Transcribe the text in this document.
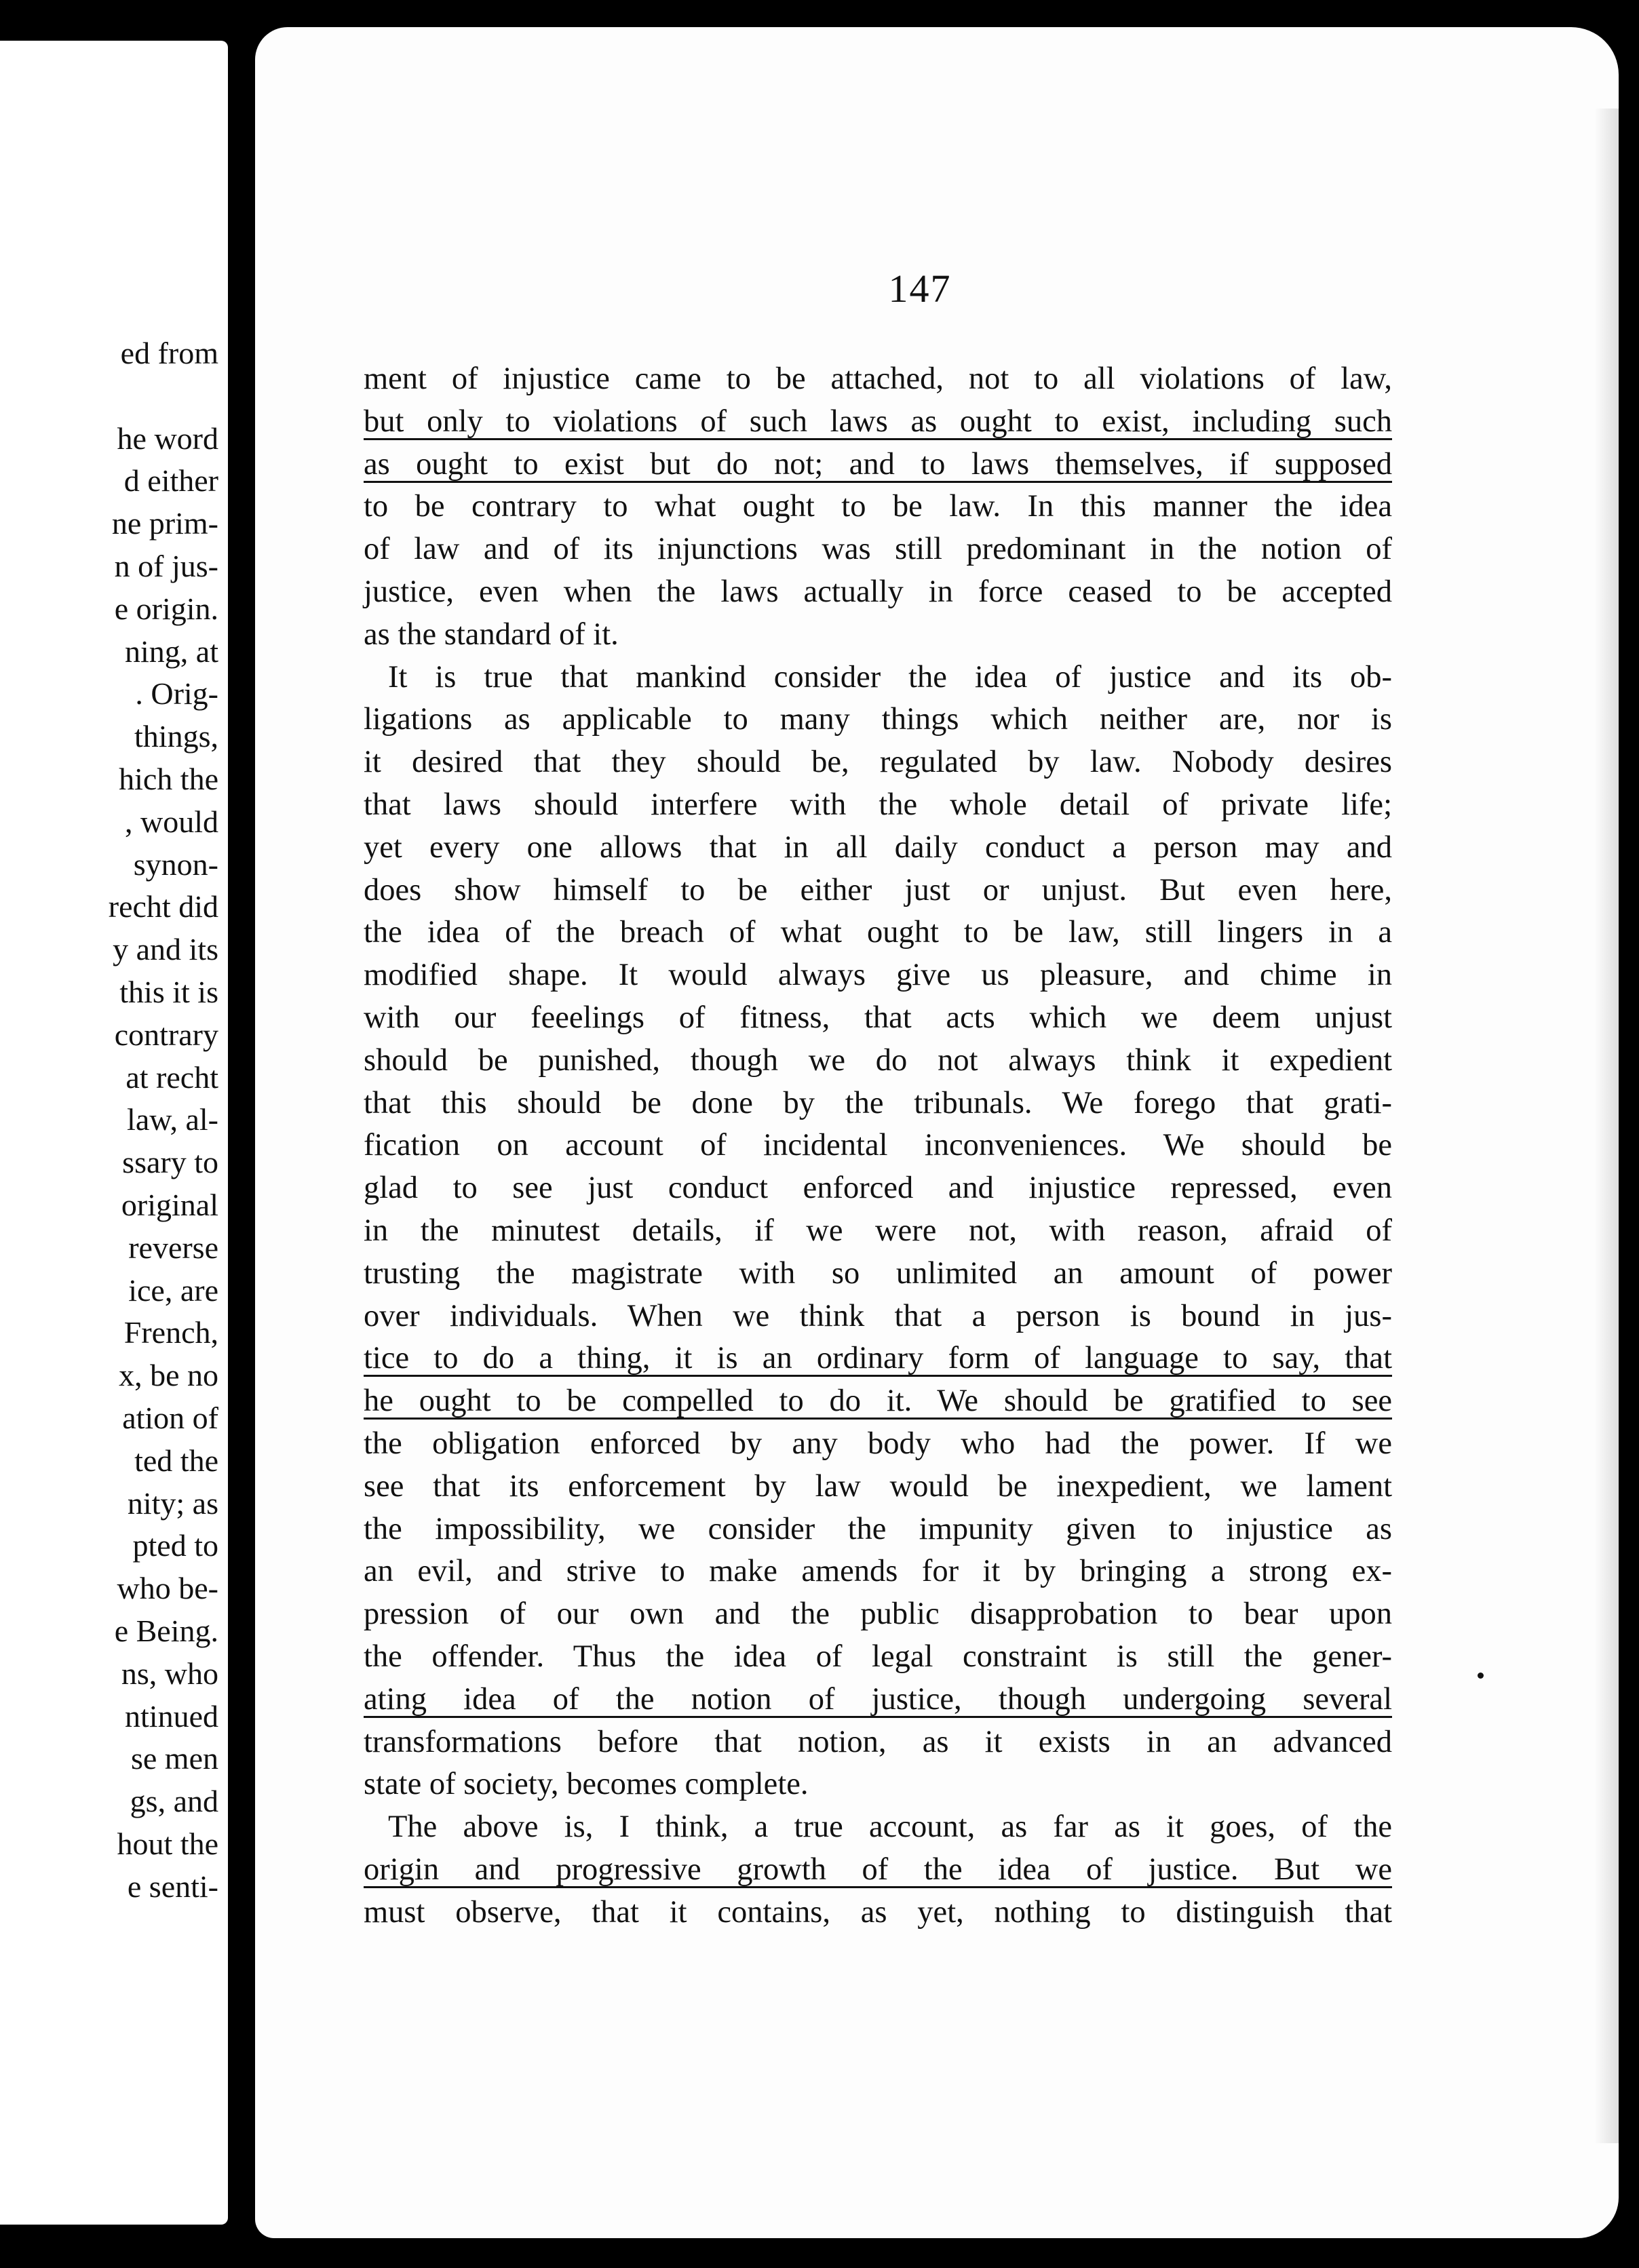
ed from

he word
d either
ne prim-
n of jus-
e origin.
ning, at
. Orig-
things,
hich the
, would
synon-
recht did
y and its
this it is
contrary
at recht
law, al-
ssary to
original
reverse
ice, are
French,
x, be no
ation of
ted the
nity; as
pted to
who be-
e Being.
ns, who
ntinued
se men
gs, and
hout the
e senti-
147
ment of injustice came to be attached, not to all violations of law,
but only to violations of such laws as ought to exist, including such
as ought to exist but do not; and to laws themselves, if supposed
to be contrary to what ought to be law. In this manner the idea
of law and of its injunctions was still predominant in the notion of
justice, even when the laws actually in force ceased to be accepted
as the standard of it.
It is true that mankind consider the idea of justice and its ob-
ligations as applicable to many things which neither are, nor is
it desired that they should be, regulated by law. Nobody desires
that laws should interfere with the whole detail of private life;
yet every one allows that in all daily conduct a person may and
does show himself to be either just or unjust. But even here,
the idea of the breach of what ought to be law, still lingers in a
modified shape. It would always give us pleasure, and chime in
with our feeelings of fitness, that acts which we deem unjust
should be punished, though we do not always think it expedient
that this should be done by the tribunals. We forego that grati-
fication on account of incidental inconveniences. We should be
glad to see just conduct enforced and injustice repressed, even
in the minutest details, if we were not, with reason, afraid of
trusting the magistrate with so unlimited an amount of power
over individuals. When we think that a person is bound in jus-
tice to do a thing, it is an ordinary form of language to say, that
he ought to be compelled to do it. We should be gratified to see
the obligation enforced by any body who had the power. If we
see that its enforcement by law would be inexpedient, we lament
the impossibility, we consider the impunity given to injustice as
an evil, and strive to make amends for it by bringing a strong ex-
pression of our own and the public disapprobation to bear upon
the offender. Thus the idea of legal constraint is still the gener-
ating idea of the notion of justice, though undergoing several
transformations before that notion, as it exists in an advanced
state of society, becomes complete.
The above is, I think, a true account, as far as it goes, of the
origin and progressive growth of the idea of justice. But we
must observe, that it contains, as yet, nothing to distinguish that
